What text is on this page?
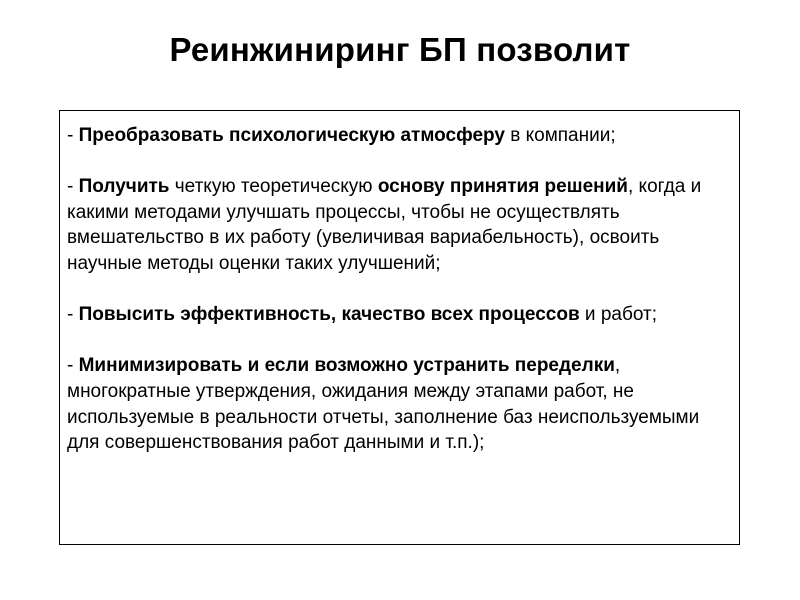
Реинжиниринг БП позволит
- Преобразовать психологическую атмосферу в компании;
- Получить четкую теоретическую основу принятия решений, когда и какими методами улучшать процессы, чтобы не осуществлять вмешательство в их работу (увеличивая вариабельность), освоить научные методы оценки таких улучшений;
- Повысить эффективность, качество всех процессов и работ;
- Минимизировать и если возможно устранить переделки, многократные утверждения, ожидания между этапами работ, не используемые в реальности отчеты, заполнение баз неиспользуемыми для совершенствования работ данными и т.п.);
